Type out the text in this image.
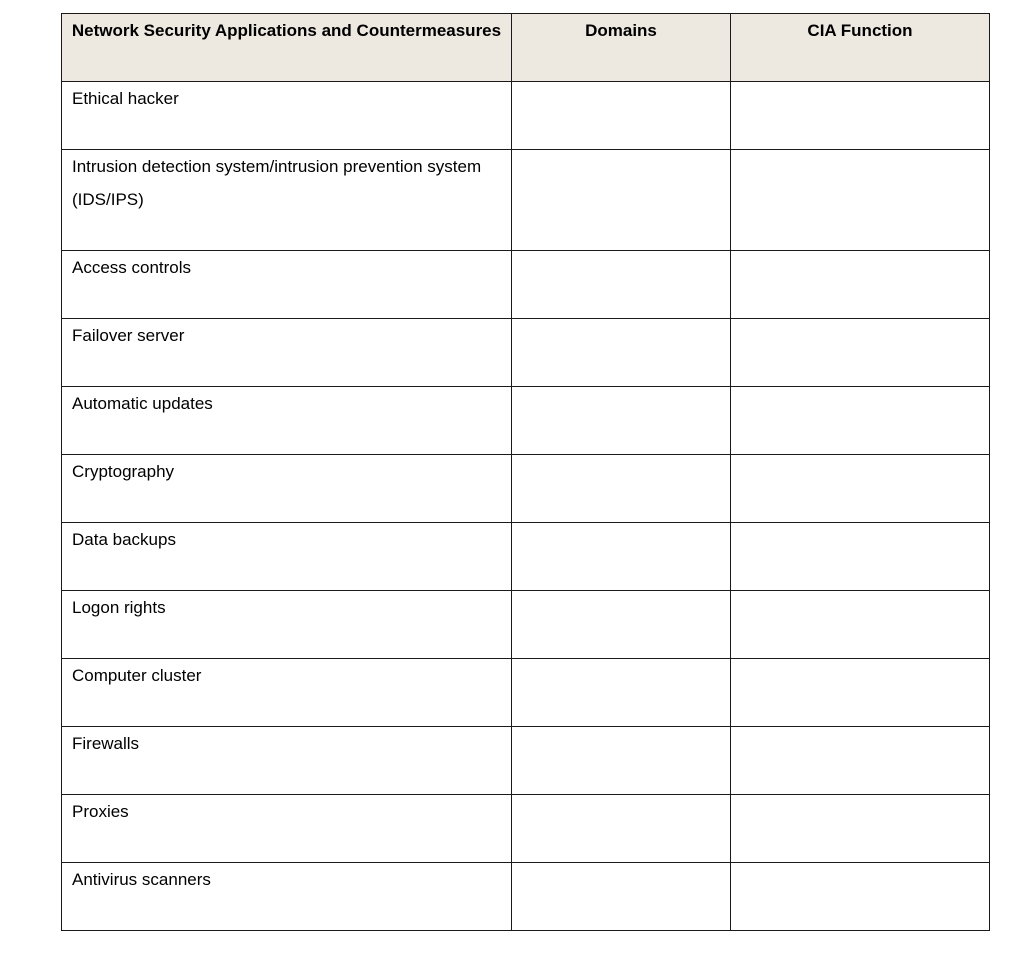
Network Security Applications and Countermeasures	Domains	CIA Function
Ethical hacker		
Intrusion detection system/intrusion prevention system (IDS/IPS)		
Access controls		
Failover server		
Automatic updates		
Cryptography		
Data backups		
Logon rights		
Computer cluster		
Firewalls		
Proxies		
Antivirus scanners		
